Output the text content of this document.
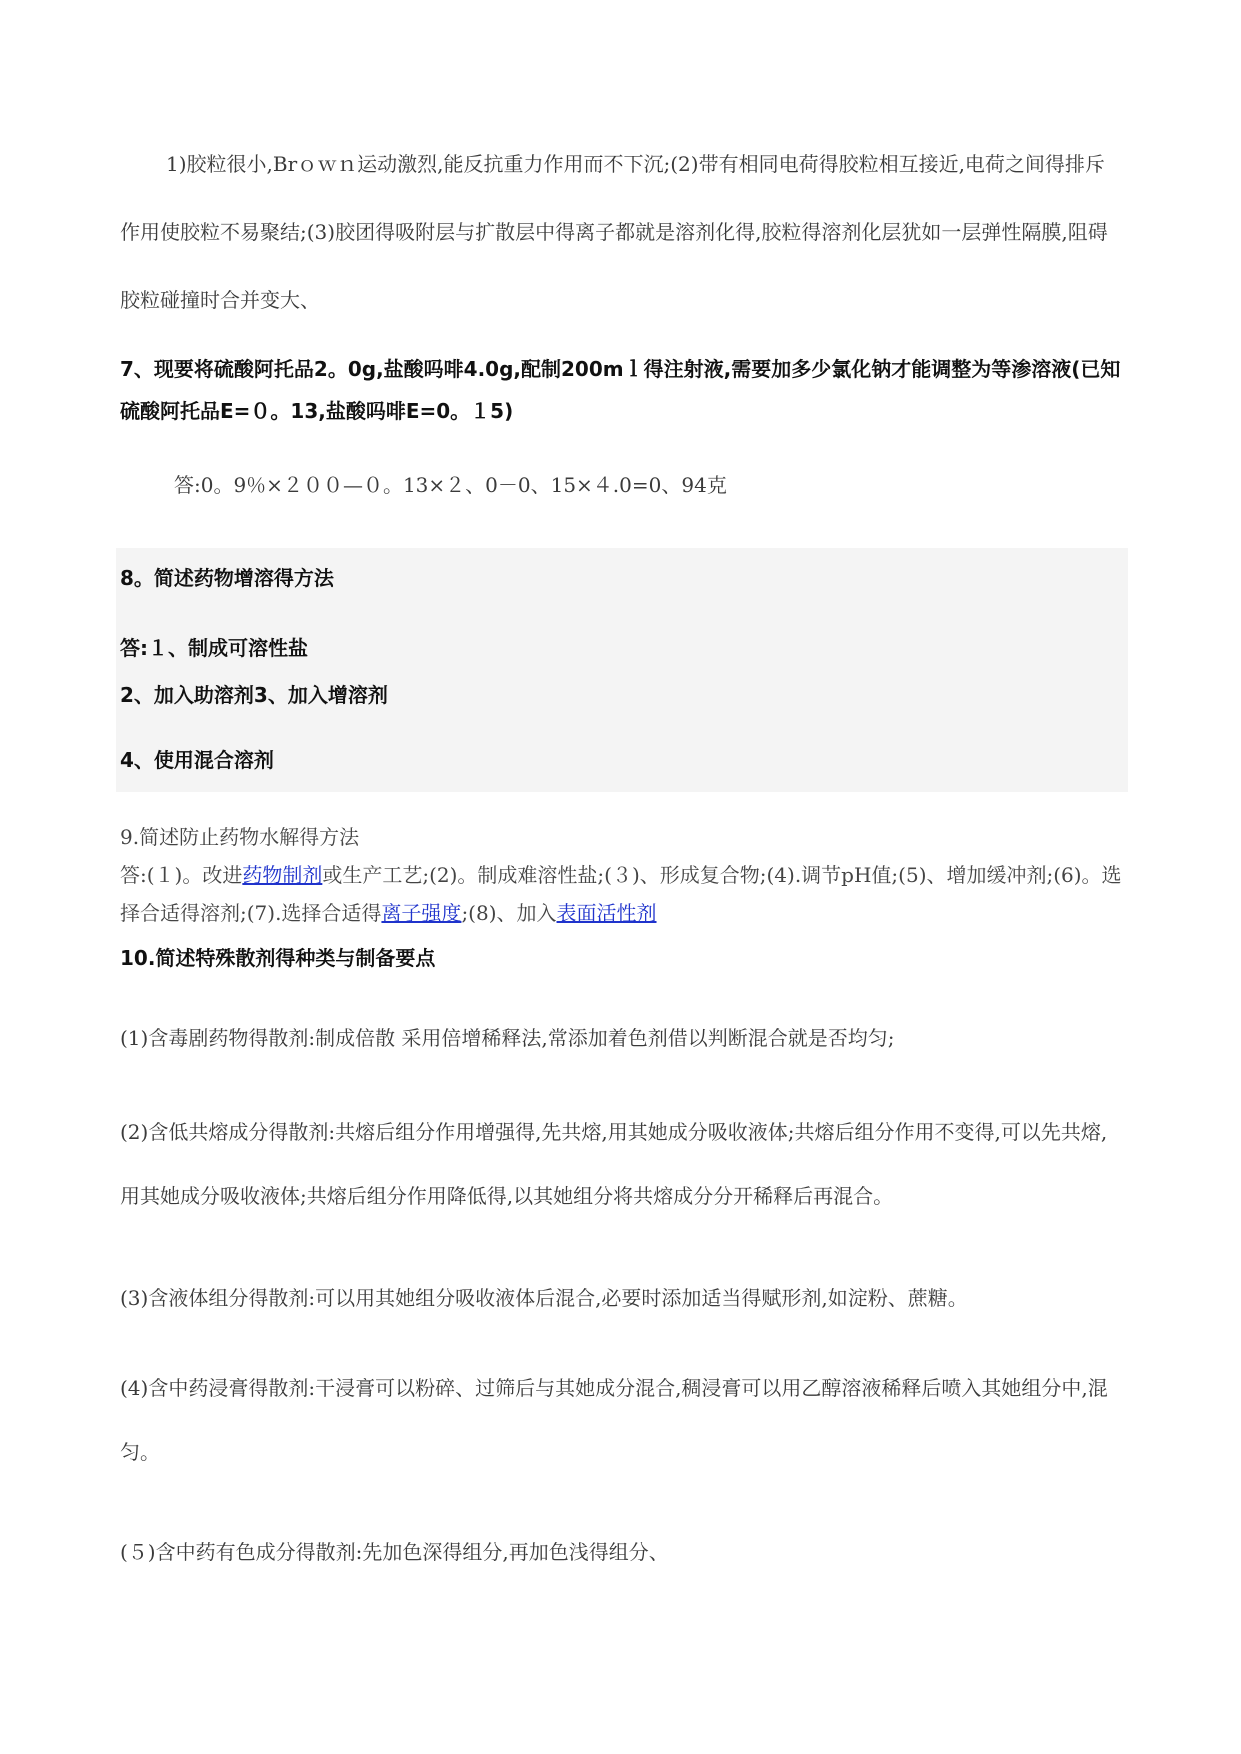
1)胶粒很小,Brｏｗｎ运动激烈,能反抗重力作用而不下沉;(2)带有相同电荷得胶粒相互接近,电荷之间得排斥作用使胶粒不易聚结;(3)胶团得吸附层与扩散层中得离子都就是溶剂化得,胶粒得溶剂化层犹如一层弹性隔膜,阻碍胶粒碰撞时合并变大、

7、现要将硫酸阿托品2。0g,盐酸吗啡4.0g,配制200mｌ得注射液,需要加多少氯化钠才能调整为等渗溶液(已知硫酸阿托品E=０。13,盐酸吗啡E=0。１5)

答:0。9％×２００—０。13×２、0－0、15×４.0=0、94克

8。简述药物增溶得方法

答:１、制成可溶性盐

2、加入助溶剂3、加入增溶剂

4、使用混合溶剂

9.简述防止药物水解得方法
答:(１)。改进药物制剂或生产工艺;(2)。制成难溶性盐;(３)、形成复合物;(4).调节pH值;(5)、增加缓冲剂;(6)。选择合适得溶剂;(7).选择合适得离子强度;(8)、加入表面活性剂

10.简述特殊散剂得种类与制备要点

(1)含毒剧药物得散剂:制成倍散 采用倍增稀释法,常添加着色剂借以判断混合就是否均匀;

(2)含低共熔成分得散剂:共熔后组分作用增强得,先共熔,用其她成分吸收液体;共熔后组分作用不变得,可以先共熔,用其她成分吸收液体;共熔后组分作用降低得,以其她组分将共熔成分分开稀释后再混合。

(3)含液体组分得散剂:可以用其她组分吸收液体后混合,必要时添加适当得赋形剂,如淀粉、蔗糖。

(4)含中药浸膏得散剂:干浸膏可以粉碎、过筛后与其她成分混合,稠浸膏可以用乙醇溶液稀释后喷入其她组分中,混匀。

(５)含中药有色成分得散剂:先加色深得组分,再加色浅得组分、
